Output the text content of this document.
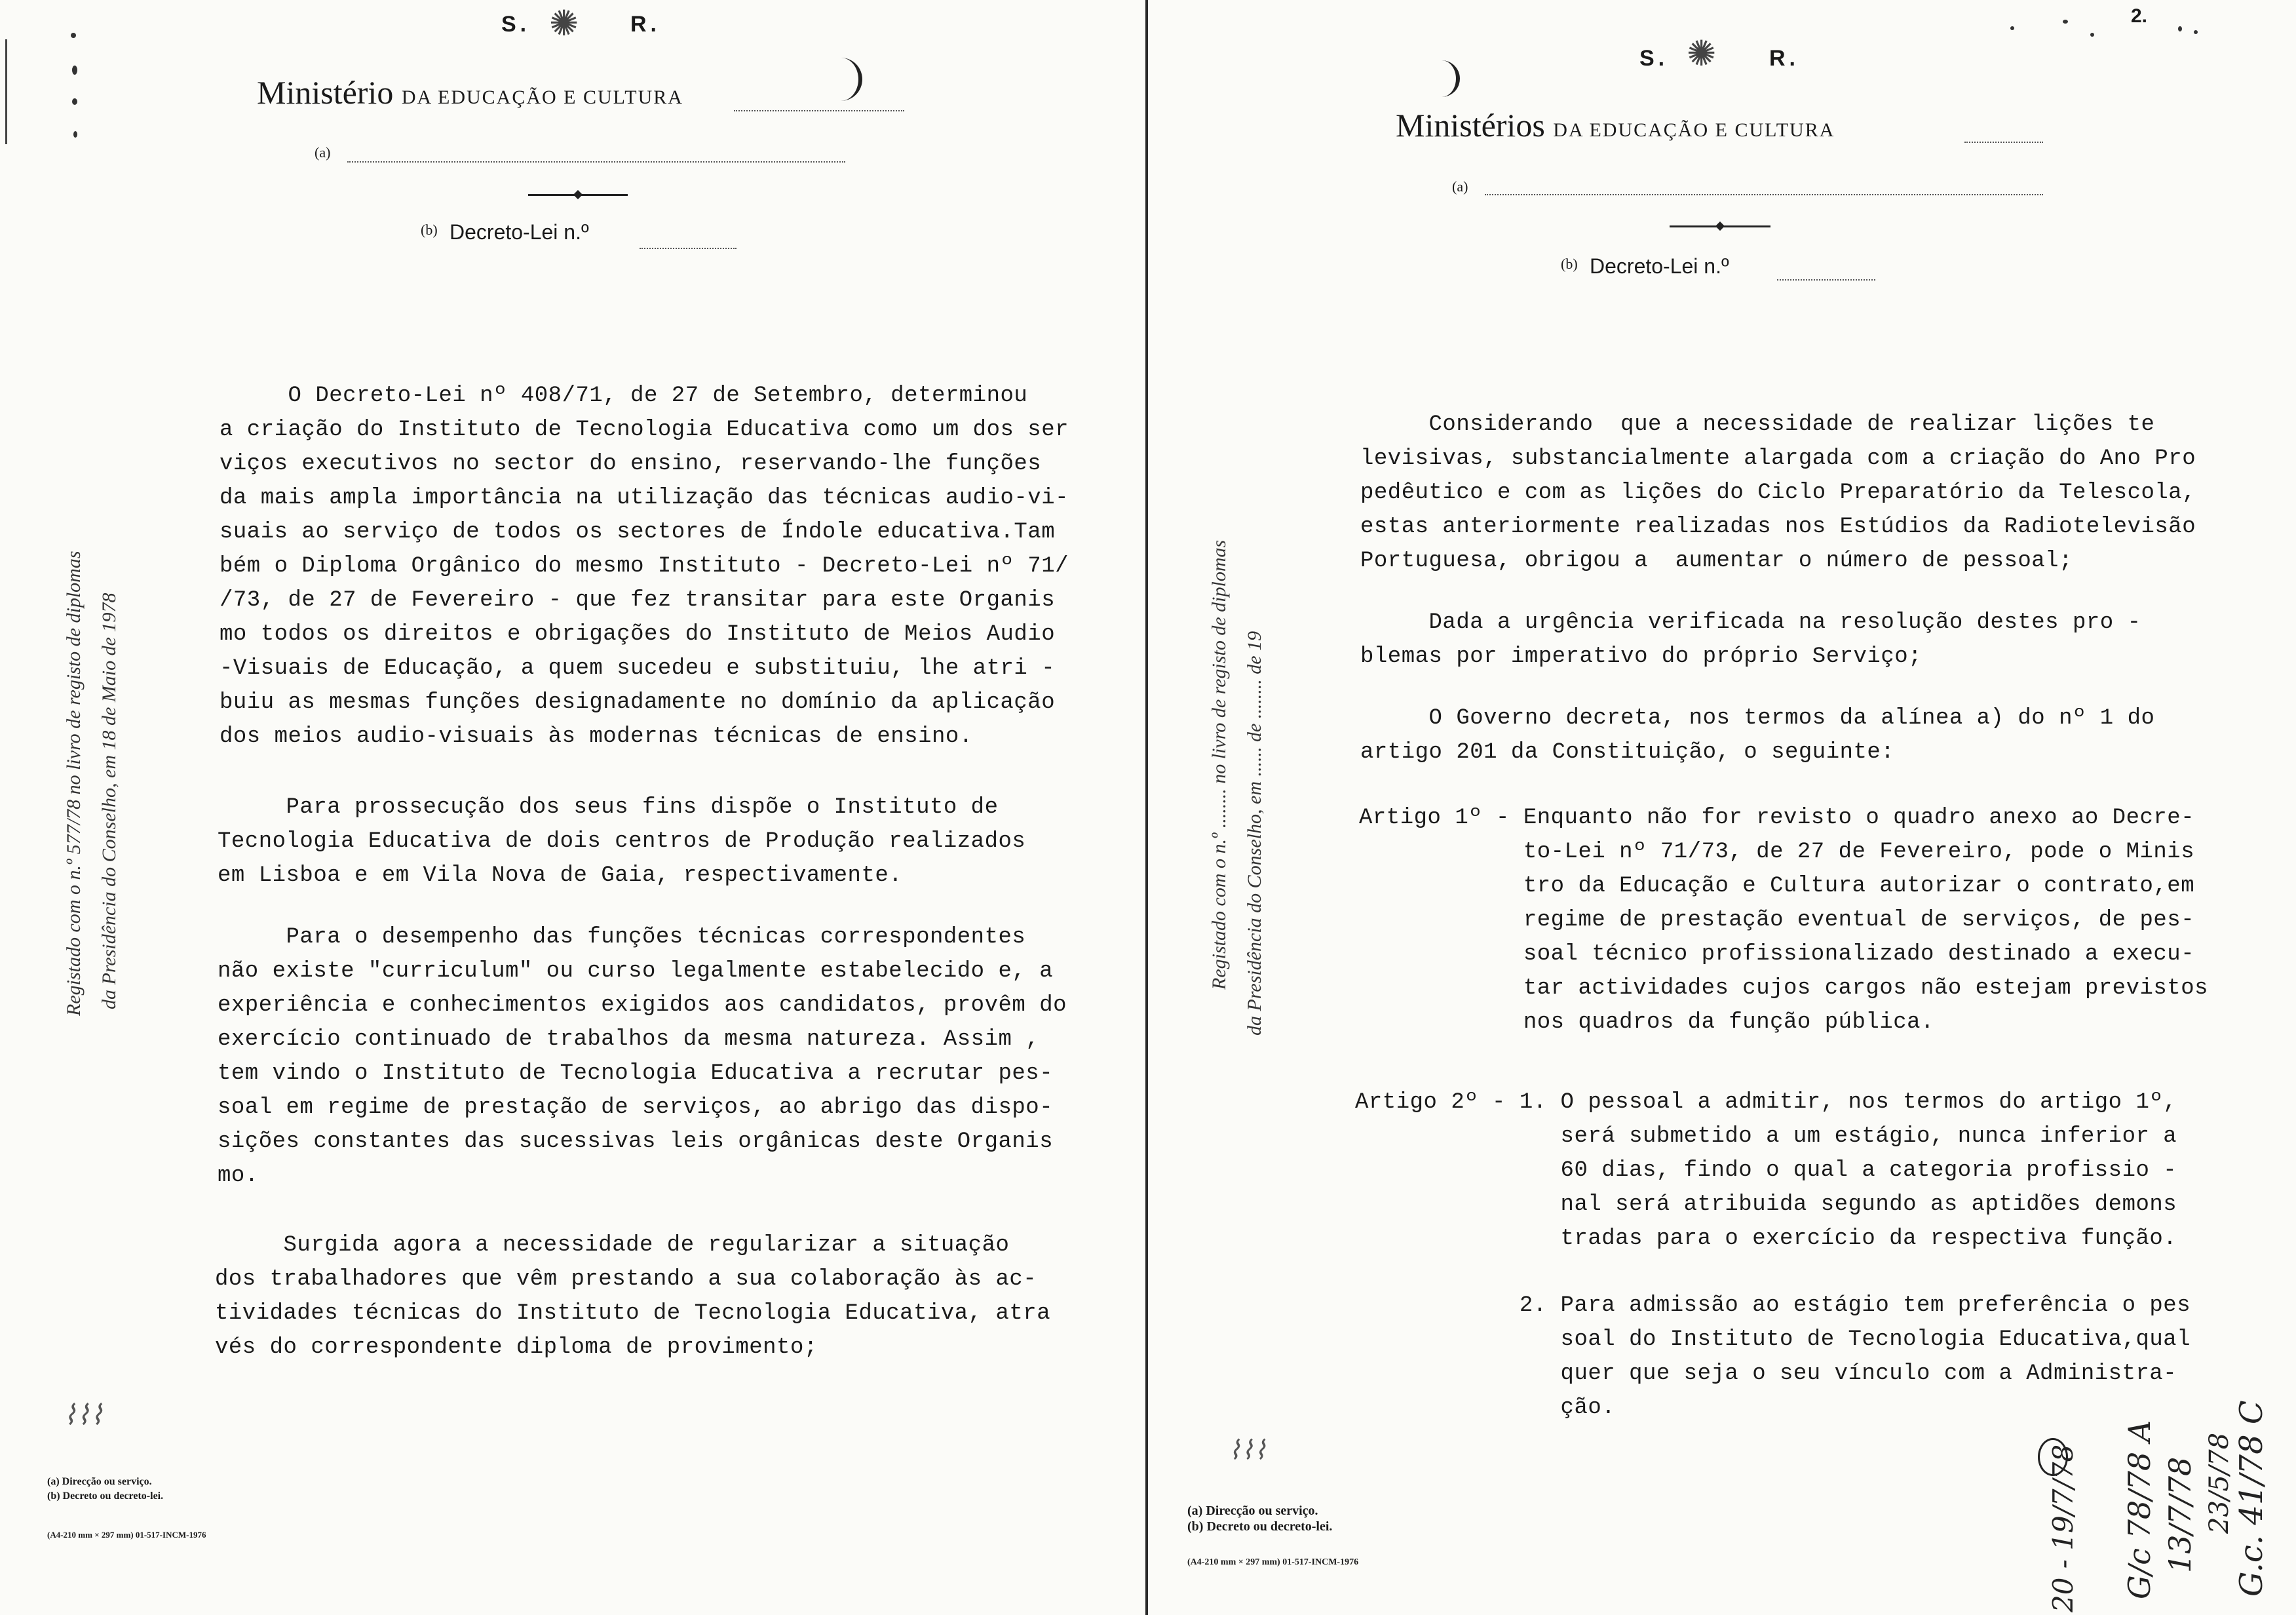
S. ✺ R.
Ministério DA EDUCAÇÃO E CULTURA
(a)
(b) Decreto-Lei n.º
Registado com o n.º 577/78 no livro de registo de diplomas da Presidência do Conselho, em 18 de Maio de 1978
O Decreto-Lei nº 408/71, de 27 de Setembro, determinou
a criação do Instituto de Tecnologia Educativa como um dos ser
viços executivos no sector do ensino, reservando-lhe funções
da mais ampla importância na utilização das técnicas audio-vi-
suais ao serviço de todos os sectores de Índole educativa.Tam
bém o Diploma Orgânico do mesmo Instituto - Decreto-Lei nº 71/
/73, de 27 de Fevereiro - que fez transitar para este Organis
mo todos os direitos e obrigações do Instituto de Meios Audio
-Visuais de Educação, a quem sucedeu e substituiu, lhe atri -
buiu as mesmas funções designadamente no domínio da aplicação
dos meios audio-visuais às modernas técnicas de ensino.
Para prossecução dos seus fins dispõe o Instituto de
Tecnologia Educativa de dois centros de Produção realizados
em Lisboa e em Vila Nova de Gaia, respectivamente.
Para o desempenho das funções técnicas correspondentes
não existe "curriculum" ou curso legalmente estabelecido e, a
experiência e conhecimentos exigidos aos candidatos, provêm do
exercício continuado de trabalhos da mesma natureza. Assim ,
tem vindo o Instituto de Tecnologia Educativa a recrutar pes-
soal em regime de prestação de serviços, ao abrigo das dispo-
sições constantes das sucessivas leis orgânicas deste Organis
mo.
Surgida agora a necessidade de regularizar a situação
dos trabalhadores que vêm prestando a sua colaboração às ac-
tividades técnicas do Instituto de Tecnologia Educativa, atra
vés do correspondente diploma de provimento;
⌇⌇⌇
(a) Direcção ou serviço.
(b) Decreto ou decreto-lei.
(A4-210 mm × 297 mm) 01-517-INCM-1976
2.
S. ✺ R.
Ministérios DA EDUCAÇÃO E CULTURA
(a)
(b) Decreto-Lei n.º
Registado com o n.º ........ no livro de registo de diplomas da Presidência do Conselho, em ...... de ........ de 19
Considerando  que a necessidade de realizar lições te
levisivas, substancialmente alargada com a criação do Ano Pro
pedêutico e com as lições do Ciclo Preparatório da Telescola,
estas anteriormente realizadas nos Estúdios da Radiotelevisão
Portuguesa, obrigou a  aumentar o número de pessoal;
Dada a urgência verificada na resolução destes pro -
blemas por imperativo do próprio Serviço;
O Governo decreta, nos termos da alínea a) do nº 1 do
artigo 201 da Constituição, o seguinte:
Artigo 1º - Enquanto não for revisto o quadro anexo ao Decre-
to-Lei nº 71/73, de 27 de Fevereiro, pode o Minis
tro da Educação e Cultura autorizar o contrato,em
regime de prestação eventual de serviços, de pes-
soal técnico profissionalizado destinado a execu-
tar actividades cujos cargos não estejam previstos
nos quadros da função pública.
Artigo 2º - 1. O pessoal a admitir, nos termos do artigo 1º,
será submetido a um estágio, nunca inferior a
60 dias, findo o qual a categoria profissio -
nal será atribuida segundo as aptidões demons
tradas para o exercício da respectiva função.
2. Para admissão ao estágio tem preferência o pes
soal do Instituto de Tecnologia Educativa,qual
quer que seja o seu vínculo com a Administra-
ção.
⌇⌇⌇
(a) Direcção ou serviço.
(b) Decreto ou decreto-lei.
(A4-210 mm × 297 mm) 01-517-INCM-1976	G/c 78/78 A 13/7/78
20 - 19/7/78	G.c. 41/78 C
23/5/78
